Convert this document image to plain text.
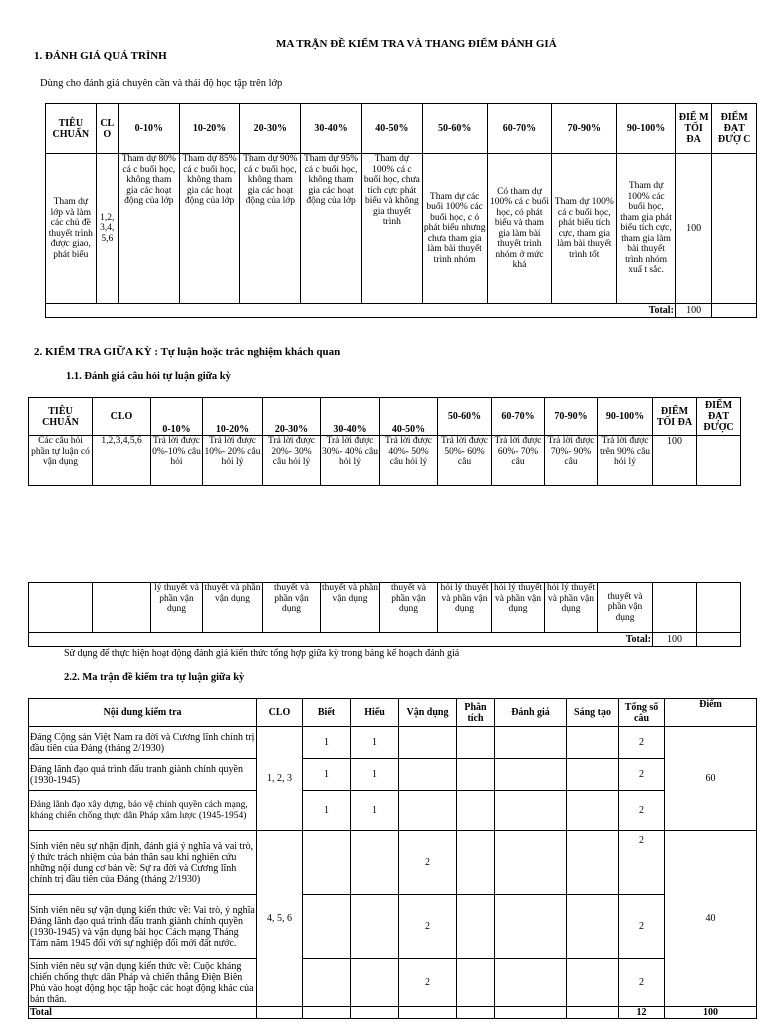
MA TRẬN ĐỀ KIỂM TRA VÀ THANG ĐIỂM ĐÁNH GIÁ
1. ĐÁNH GIÁ QUÁ TRÌNH
Dùng cho đánh giá chuyên cần và thái độ học tập trên lớp
TIÊU CHUẨN	CL O	0-10%	10-20%	20-30%	30-40%	40-50%	50-60%	60-70%	70-90%	90-100%	ĐIỂ M TỐI ĐA	ĐIỂM ĐẠT ĐƯỢ C
Tham dự lớp và làm các chủ đề thuyết trình được giao, phát biểu	1,2, 3,4, 5,6	Tham dự 80% cá c buổi học, không tham gia các hoạt động của lớp	Tham dự 85% cá c buổi học, không tham gia các hoạt động của lớp	Tham dự 90% cá c buổi học, không tham gia các hoạt động của lớp	Tham dự 95% cá c buổi học, không tham gia các hoạt động của lớp	Tham dự 100% cá c buổi học, chưa tích cực phát biểu và không gia thuyết trình	Tham dự các buổi 100% các buổi học, c ó phát biểu nhưng chưa tham gia làm bài thuyết trình nhóm	Có tham dự 100% cá c buổi học, có phát biểu và tham gia làm bài thuyết trình nhóm ở mức khá	Tham dự 100% cá c buổi học, phát biểu tích cực, tham gia làm bài thuyết trình tốt	Tham dự 100% các buổi học, tham gia phát biểu tích cực, tham gia làm bài thuyết trình nhóm xuấ t sắc.	100	
Total:											100	
2. KIỂM TRA GIỮA KỲ : Tự luận hoặc trắc nghiệm khách quan
1.1. Đánh giá câu hỏi tự luận giữa kỳ
TIÊU CHUẨN	CLO	0-10%	10-20%	20-30%	30-40%	40-50%	50-60%	60-70%	70-90%	90-100%	ĐIỂM TỐI ĐA	ĐIỂM ĐẠT ĐƯỢC
Các câu hỏi phần tự luận có vận dụng	1,2,3,4,5,6	Trả lời được 0%-10% câu hỏi	Trả lời được 10%- 20% câu hỏi lý	Trả lời được 20%- 30% câu hỏi lý	Trả lời được 30%- 40% câu hỏi lý	Trả lời được 40%- 50% câu hỏi lý	Trả lời được 50%- 60% câu	Trả lời được 60%- 70% câu	Trả lời được 70%- 90% câu	Trả lời được trên 90% câu hỏi lý	100	
		lý thuyết và phần vận dụng	thuyết và phần vận dụng	thuyết và phần vận dụng	thuyết và phần vận dụng	thuyết và phần vận dụng	hỏi lý thuyết và phần vận dụng	hỏi lý thuyết và phần vận dụng	hỏi lý thuyết và phần vận dụng	thuyết và phần vận dụng		
Total:											100	
Sử dụng để thực hiện hoạt động đánh giá kiến thức tổng hợp giữa kỳ trong bảng kế hoạch đánh giá
2.2. Ma trận đề kiểm tra tự luận giữa kỳ
Nội dung kiểm tra	CLO	Biết	Hiểu	Vận dụng	Phân tích	Đánh giá	Sáng tạo	Tổng số câu	Điểm
Đảng Cộng sản Việt Nam ra đời và Cương lĩnh chính trị đầu tiên của Đảng (tháng 2/1930)	1, 2, 3	1	1					2	60
Đảng lãnh đạo quá trình đấu tranh giành chính quyền (1930-1945)		1	1					2	
Đảng lãnh đạo xây dựng, bảo vệ chính quyền cách mạng, kháng chiến chống thực dân Pháp xâm lược (1945-1954)		1	1					2	
Sinh viên nêu sự nhận định, đánh giá ý nghĩa và vai trò, ý thức trách nhiệm của bản thân sau khi nghiên cứu những nội dung cơ bản về: Sự ra đời và Cương lĩnh chính trị đầu tiên của Đảng (tháng 2/1930)	4, 5, 6			2				2	40
Sinh viên nêu sự vận dụng kiến thức về: Vai trò, ý nghĩa Đảng lãnh đạo quá trình đấu tranh giành chính quyền (1930-1945) và vận dụng bài học Cách mạng Tháng Tám năm 1945 đối với sự nghiệp đổi mới đất nước.				2				2	
Sinh viên nêu sự vận dụng kiến thức về: Cuộc kháng chiến chống thực dân Pháp và chiến thắng Điện Biên Phủ vào hoạt động học tập hoặc các hoạt động khác của bản thân.				2				2	
Total								12	100
